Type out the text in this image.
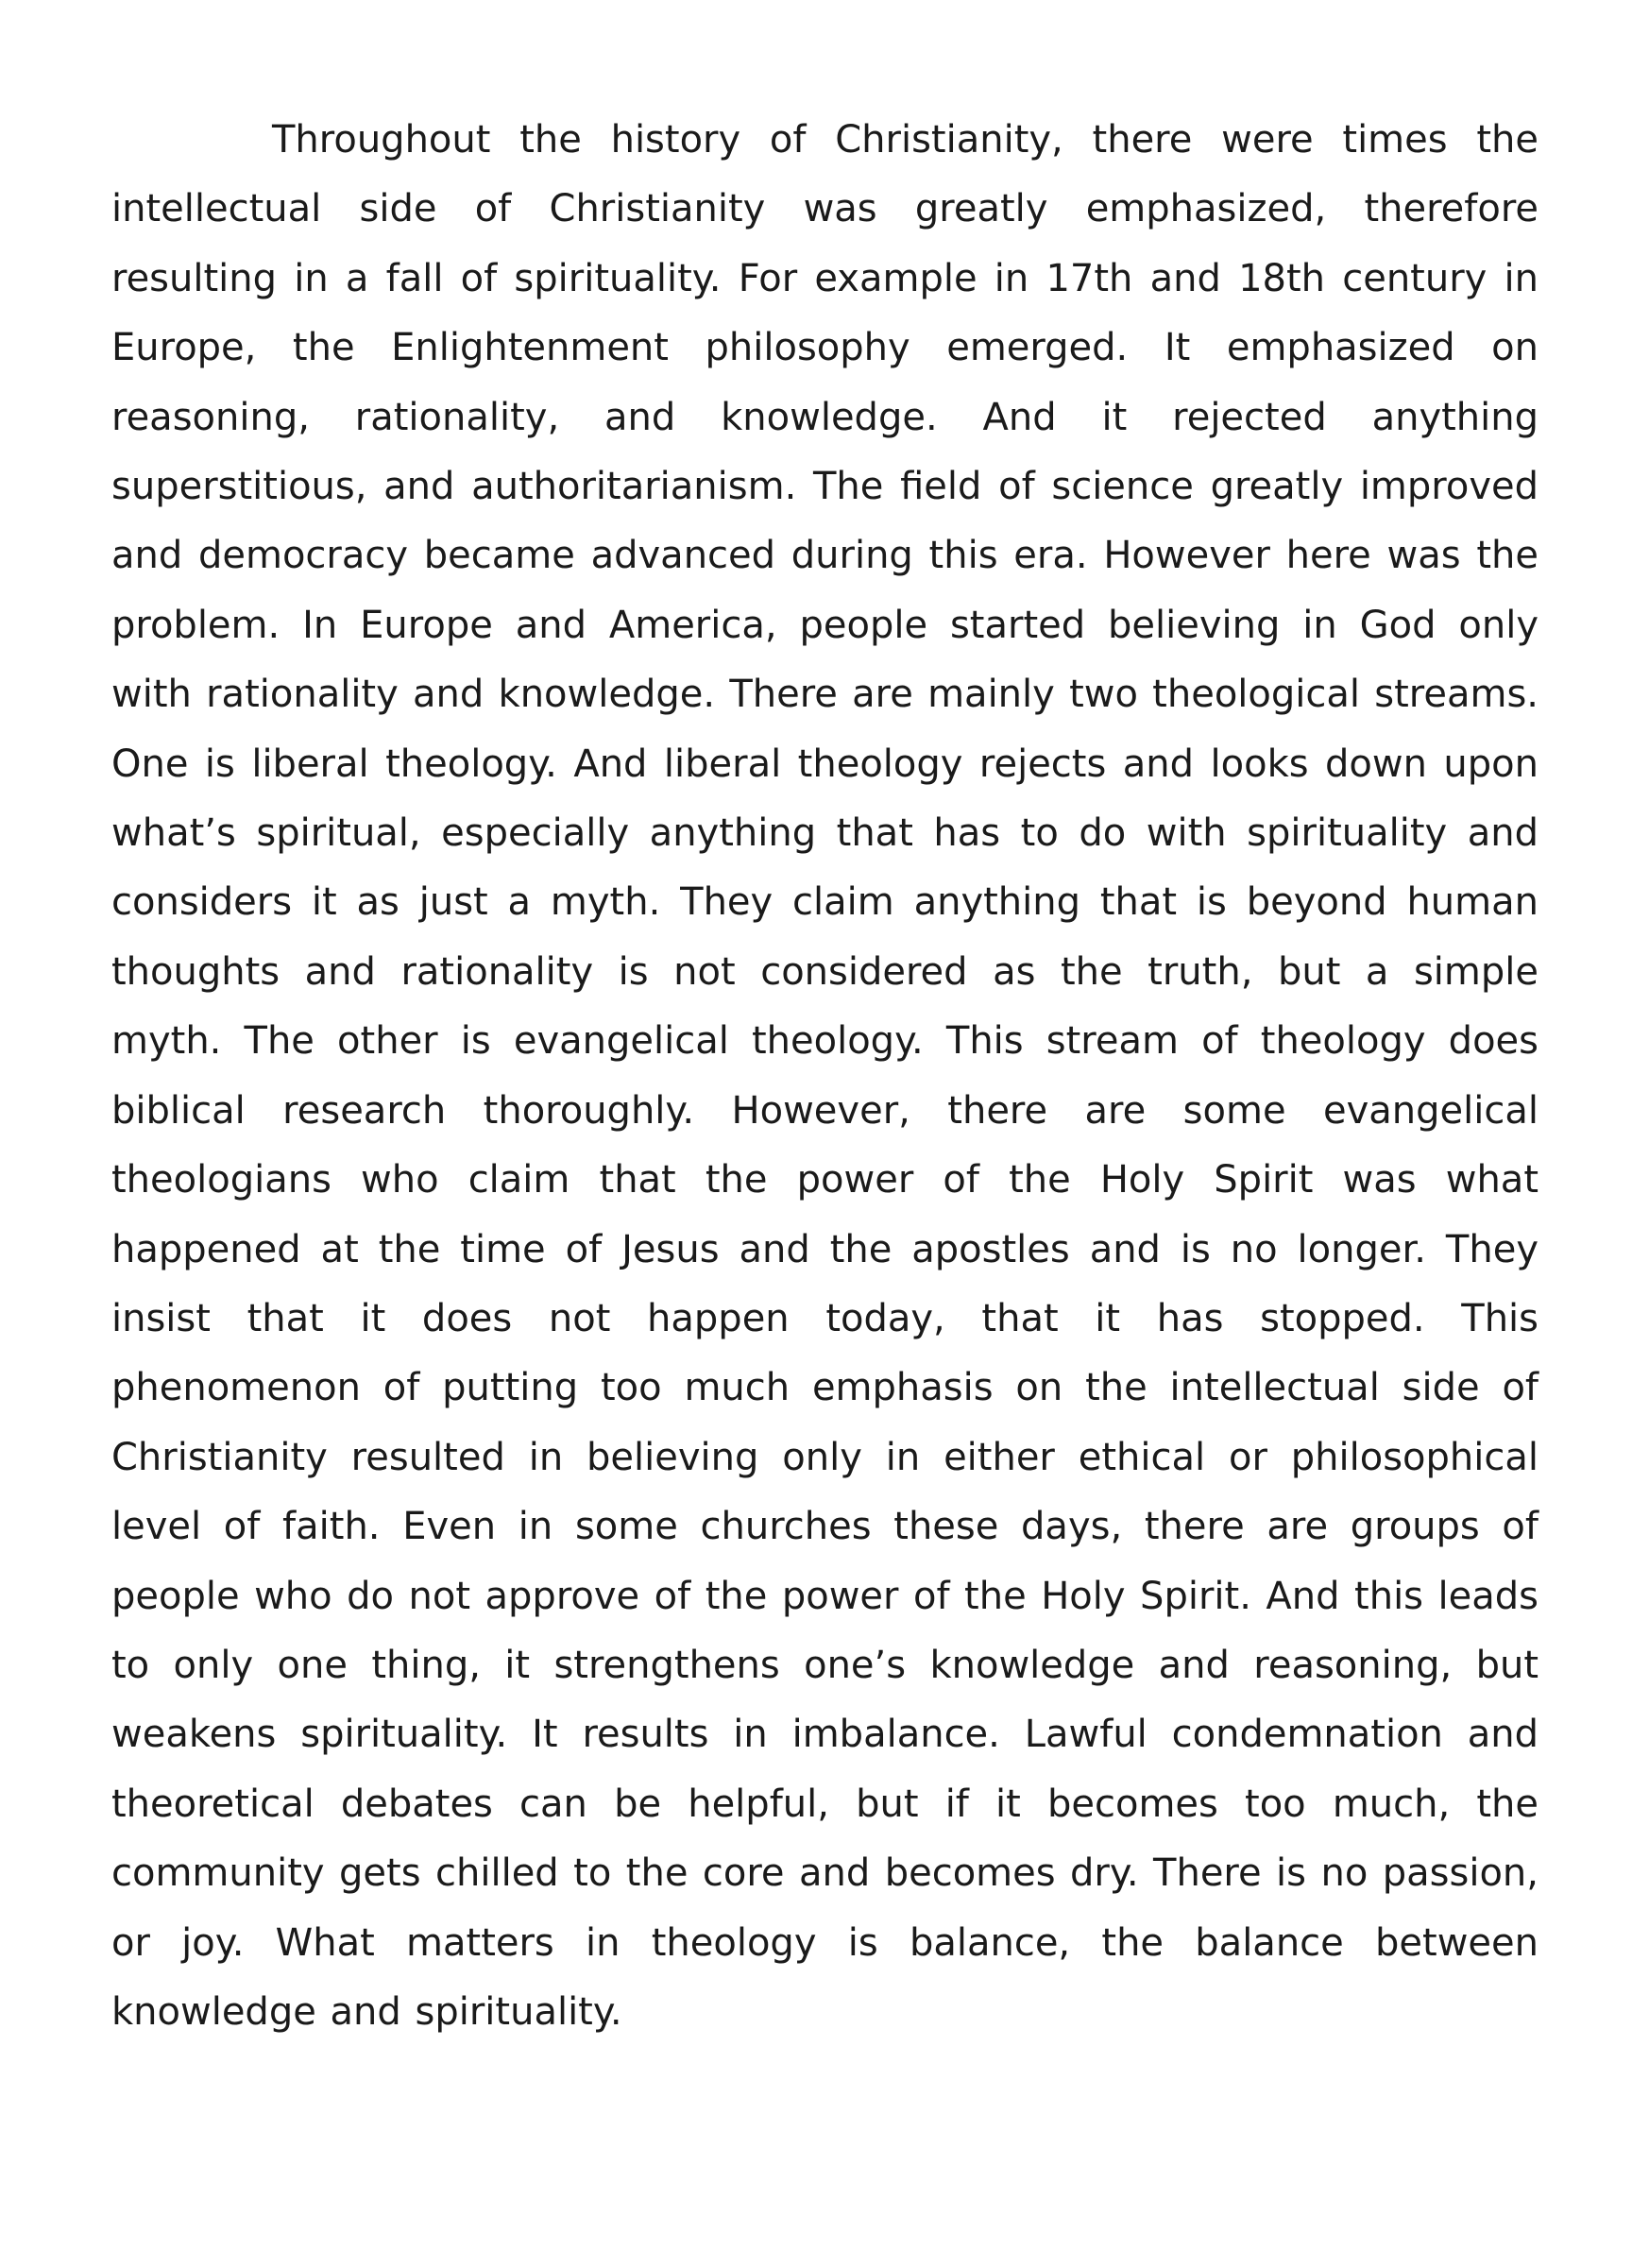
Throughout the history of Christianity, there were times the intellectual side of Christianity was greatly emphasized, therefore resulting in a fall of spirituality. For example in 17th and 18th century in Europe, the Enlightenment philosophy emerged. It emphasized on reasoning, rationality, and knowledge. And it rejected anything superstitious, and authoritarianism. The field of science greatly improved and democracy became advanced during this era. However here was the problem. In Europe and America, people started believing in God only with rationality and knowledge. There are mainly two theological streams. One is liberal theology. And liberal theology rejects and looks down upon what’s spiritual, especially anything that has to do with spirituality and considers it as just a myth. They claim anything that is beyond human thoughts and rationality is not considered as the truth, but a simple myth. The other is evangelical theology. This stream of theology does biblical research thoroughly. However, there are some evangelical theologians who claim that the power of the Holy Spirit was what happened at the time of Jesus and the apostles and is no longer. They insist that it does not happen today, that it has stopped. This phenomenon of putting too much emphasis on the intellectual side of Christianity resulted in believing only in either ethical or philosophical level of faith. Even in some churches these days, there are groups of people who do not approve of the power of the Holy Spirit. And this leads to only one thing, it strengthens one’s knowledge and reasoning, but weakens spirituality. It results in imbalance. Lawful condemnation and theoretical debates can be helpful, but if it becomes too much, the community gets chilled to the core and becomes dry. There is no passion, or joy. What matters in theology is balance, the balance between knowledge and spirituality.
